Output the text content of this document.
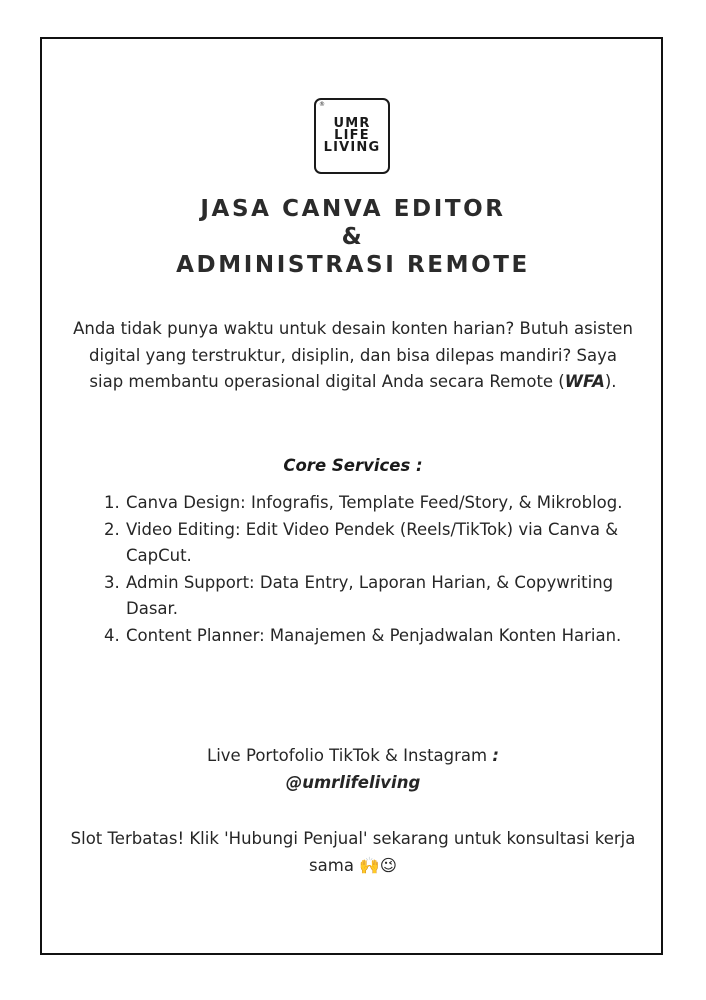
®
UMR
LIFE
LIVING
JASA CANVA EDITOR
&
ADMINISTRASI REMOTE
Anda tidak punya waktu untuk desain konten harian? Butuh asisten digital yang terstruktur, disiplin, dan bisa dilepas mandiri? Saya siap membantu operasional digital Anda secara Remote (WFA).
Core Services :
1. Canva Design: Infografis, Template Feed/Story, & Mikroblog.
2. Video Editing: Edit Video Pendek (Reels/TikTok) via Canva & CapCut.
3. Admin Support: Data Entry, Laporan Harian, & Copywriting Dasar.
4. Content Planner: Manajemen & Penjadwalan Konten Harian.
Live Portofolio TikTok & Instagram :
@umrlifeliving
Slot Terbatas! Klik 'Hubungi Penjual' sekarang untuk konsultasi kerja sama 🙌😉
